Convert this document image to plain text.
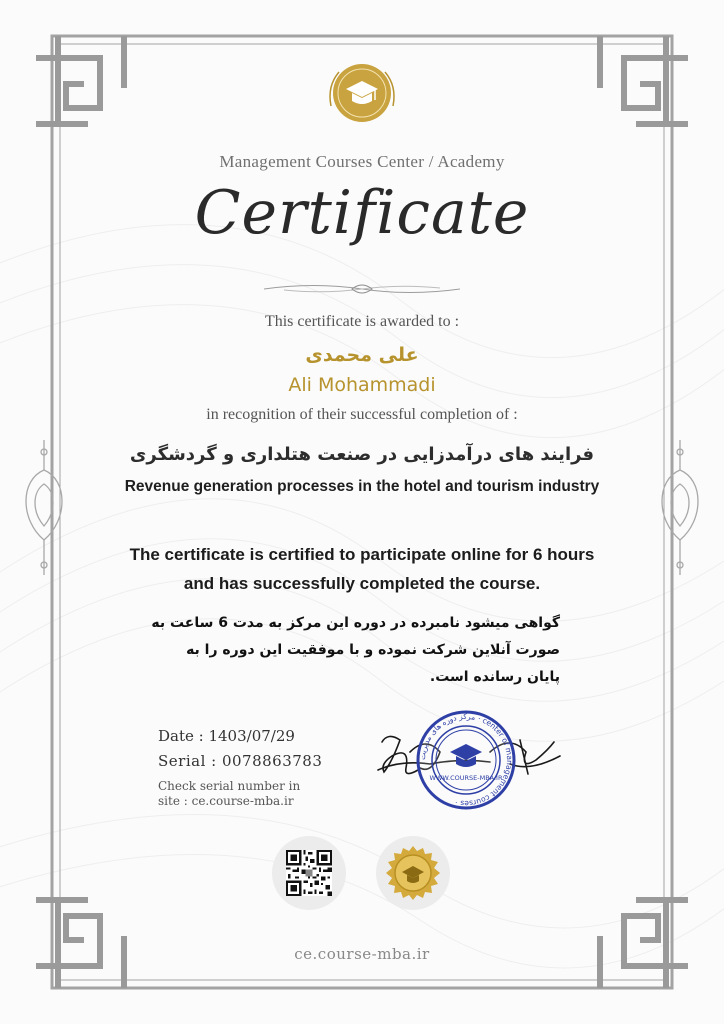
Management Courses Center / Academy
Certificate
This certificate is awarded to :
علی محمدی
Ali Mohammadi
in recognition of their successful completion of :
فرایند های درآمدزایی در صنعت هتلداری و گردشگری
Revenue generation processes in the hotel and tourism industry
The certificate is certified to participate online for 6 hours and has successfully completed the course.
گواهی میشود نامبرده در دوره این مرکز به مدت 6 ساعت به صورت آنلاین شرکت نموده و با موفقیت این دوره را به پایان رسانده است.
Date : 1403/07/29
Serial : 0078863783
Check serial number in
site : ce.course-mba.ir
مرکز دوره های مدیریت · center of management courses ·
WWW.COURSE-MBA.IR
ce.course-mba.ir
